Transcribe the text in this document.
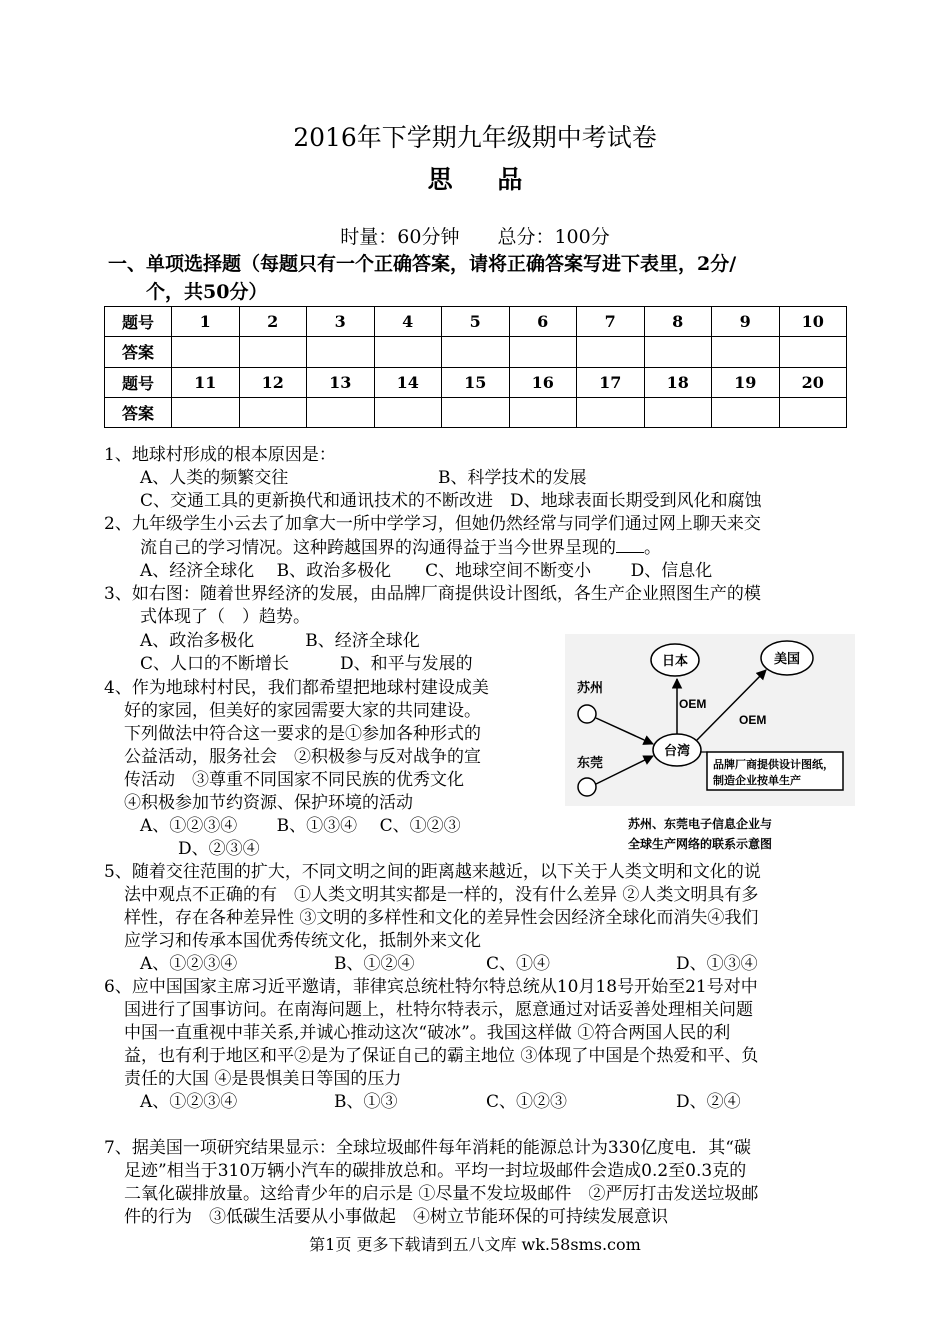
2016年下学期九年级期中考试卷
思 品
时量：60分钟　　总分：100分
一、单项选择题（每题只有一个正确答案，请将正确答案写进下表里，2分/
个，共50分）
题号	1	2	3	4	5	6	7	8	9	10
答案										
题号	11	12	13	14	15	16	17	18	19	20
答案										
1、地球村形成的根本原因是：
A、人类的频繁交往	B、科学技术的发展
C、交通工具的更新换代和通讯技术的不断改进　D、地球表面长期受到风化和腐蚀
2、九年级学生小云去了加拿大一所中学学习，但她仍然经常与同学们通过网上聊天来交
流自己的学习情况。这种跨越国界的沟通得益于当今世界呈现的 。
A、经济全球化　 B、政治多极化　　C、地球空间不断变小　　 D、信息化
3、如右图：随着世界经济的发展，由品牌厂商提供设计图纸，各生产企业照图生产的模
式体现了（　）趋势。
A、政治多极化　　　B、经济全球化
C、人口的不断增长　　　D、和平与发展的
4、作为地球村村民，我们都希望把地球村建设成美
好的家园，但美好的家园需要大家的共同建设。
下列做法中符合这一要求的是①参加各种形式的
公益活动，服务社会　②积极参与反对战争的宣
传活动　③尊重不同国家不同民族的优秀文化
④积极参加节约资源、保护环境的活动
A、①②③④　　 B、①③④　 C、①②③
D、②③④
苏州
东莞
台湾
日本	美国
OEM
OEM
品牌厂商提供设计图纸，
制造企业按单生产
苏州、东莞电子信息企业与
全球生产网络的联系示意图
5、随着交往范围的扩大，不同文明之间的距离越来越近，以下关于人类文明和文化的说
法中观点不正确的有　①人类文明其实都是一样的，没有什么差异 ②人类文明具有多
样性，存在各种差异性 ③文明的多样性和文化的差异性会因经济全球化而消失④我们
应学习和传承本国优秀传统文化，抵制外来文化
A、①②③④	B、①②④	C、①④	D、①③④
6、应中国国家主席习近平邀请，菲律宾总统杜特尔特总统从10月18号开始至21号对中
国进行了国事访问。在南海问题上，杜特尔特表示，愿意通过对话妥善处理相关问题
中国一直重视中菲关系,并诚心推动这次“破冰”。我国这样做 ①符合两国人民的利
益，也有利于地区和平②是为了保证自己的霸主地位 ③体现了中国是个热爱和平、负
责任的大国 ④是畏惧美日等国的压力
A、①②③④	B、①③	C、①②③	D、②④
7、据美国一项研究结果显示：全球垃圾邮件每年消耗的能源总计为330亿度电．其“碳
足迹”相当于310万辆小汽车的碳排放总和。平均一封垃圾邮件会造成0.2至0.3克的
二氧化碳排放量。这给青少年的启示是 ①尽量不发垃圾邮件　②严厉打击发送垃圾邮
件的行为　③低碳生活要从小事做起　④树立节能环保的可持续发展意识
第1页 更多下载请到五八文库 wk.58sms.com
